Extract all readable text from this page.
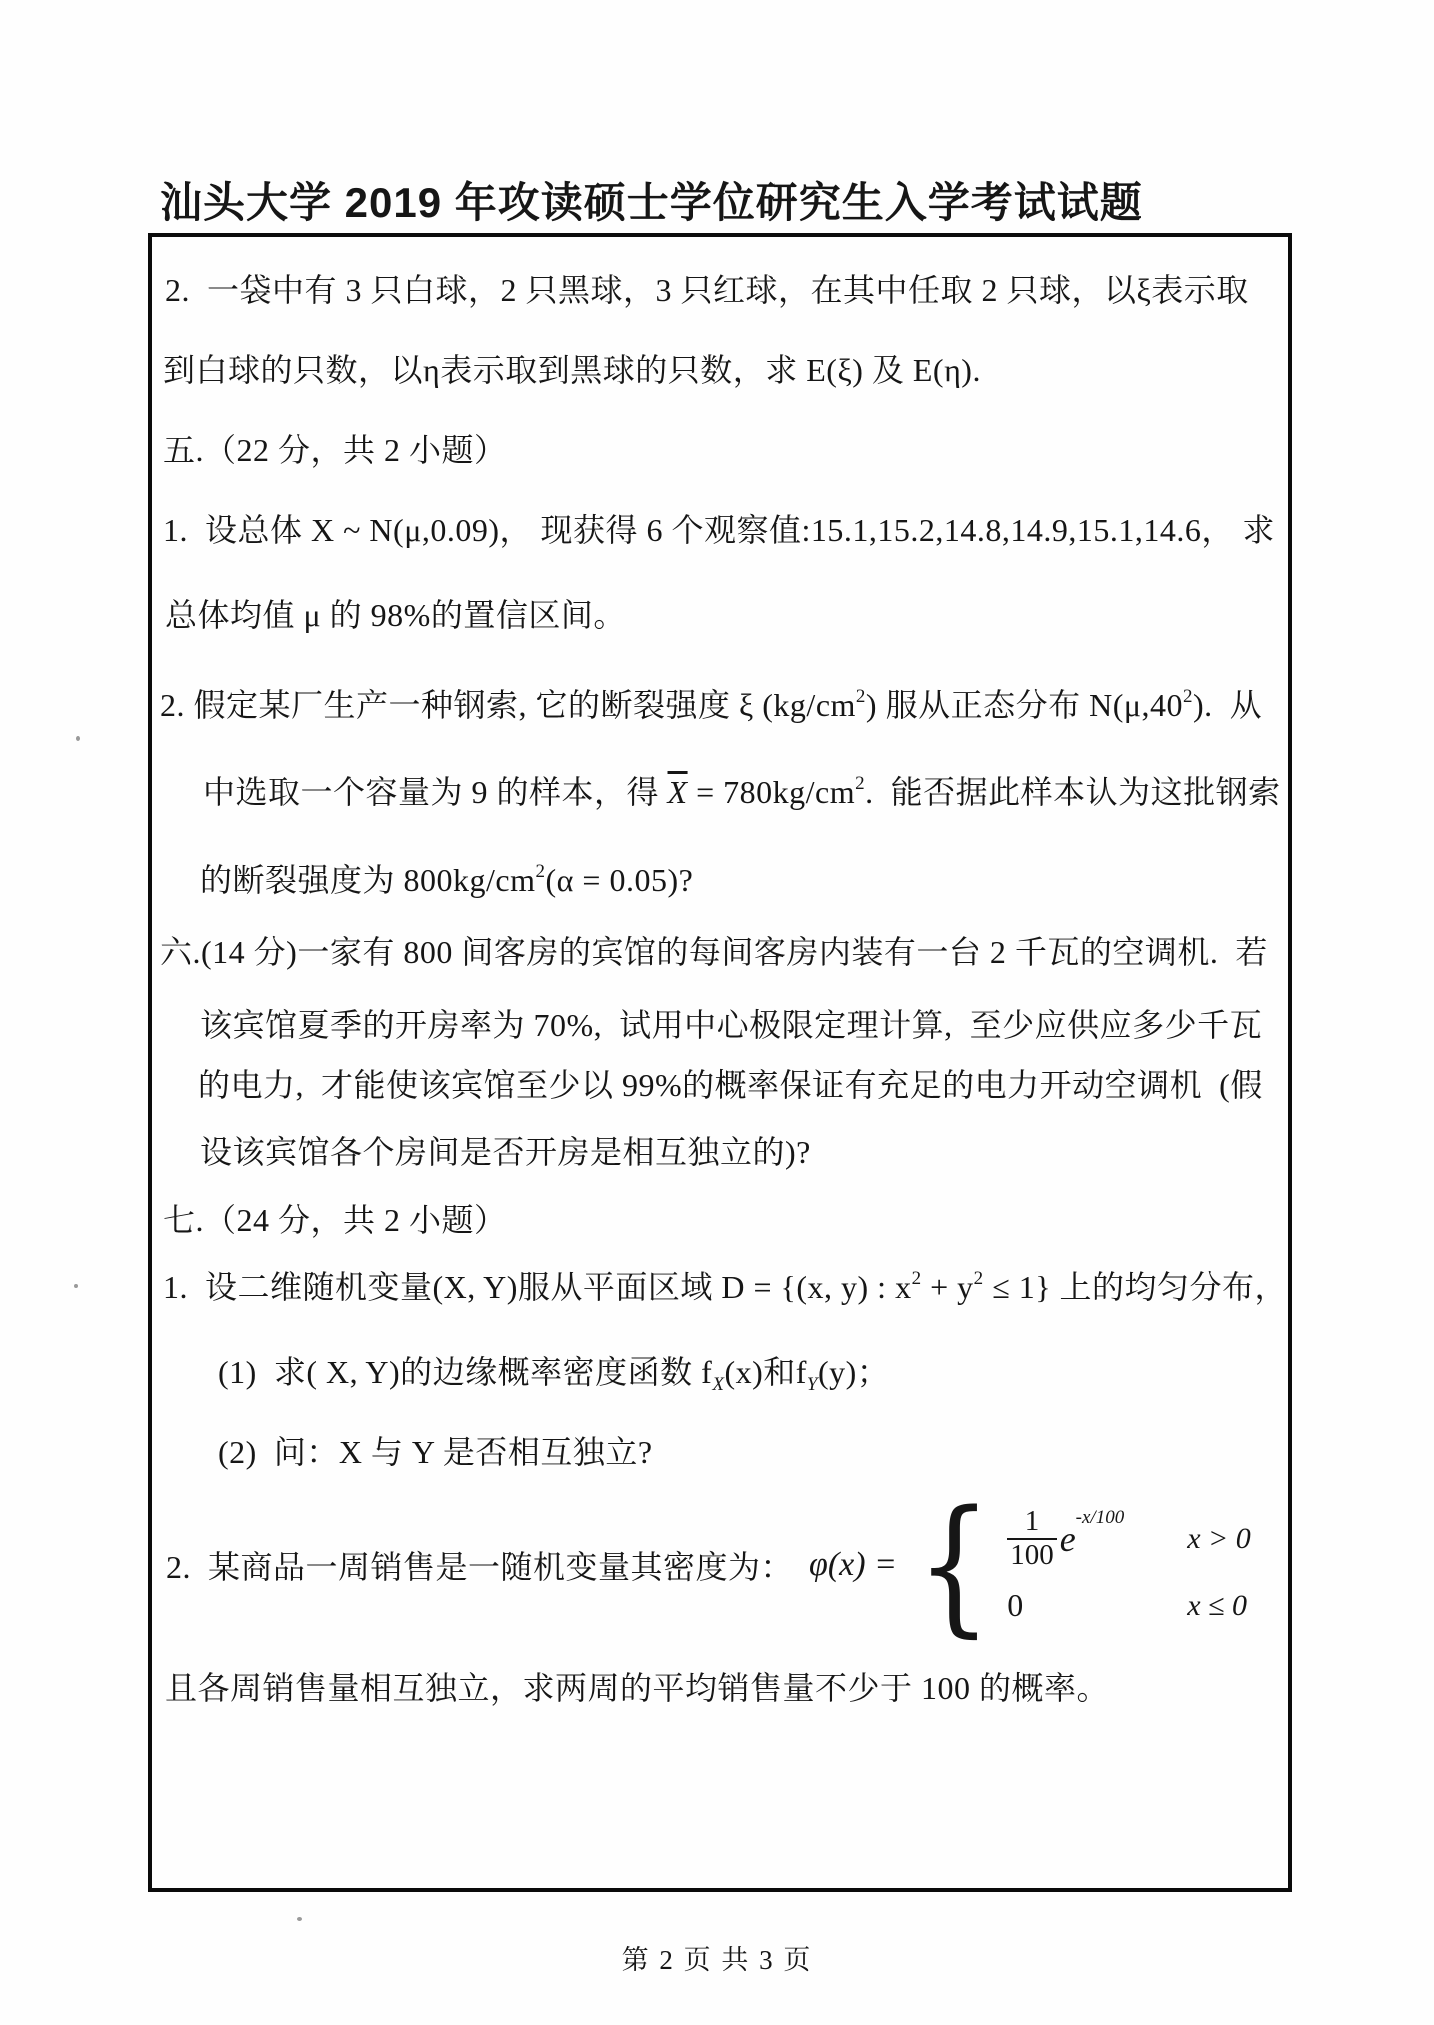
汕头大学 2019 年攻读硕士学位研究生入学考试试题
2.  一袋中有 3 只白球，2 只黑球，3 只红球，在其中任取 2 只球，以ξ表示取
到白球的只数，以η表示取到黑球的只数，求 E(ξ) 及 E(η).
五.（22 分，共 2 小题）
1.  设总体 X ~ N(μ,0.09)， 现获得 6 个观察值:15.1,15.2,14.8,14.9,15.1,14.6， 求
总体均值 μ 的 98%的置信区间。
2. 假定某厂生产一种钢索, 它的断裂强度 ξ $(kg/cm^2)$ 服从正态分布 $N(\mu,40^2)$.  从
中选取一个容量为 9 的样本，得 $\overline{X} = 780kg/cm^2$.  能否据此样本认为这批钢索
的断裂强度为 $800kg/cm^2(\alpha = 0.05)$?
六.(14 分)一家有 800 间客房的宾馆的每间客房内装有一台 2 千瓦的空调机.  若
该宾馆夏季的开房率为 70%,  试用中心极限定理计算,  至少应供应多少千瓦
的电力,  才能使该宾馆至少以 99%的概率保证有充足的电力开动空调机  (假
设该宾馆各个房间是否开房是相互独立的)?
七.（24 分，共 2 小题）
1.  设二维随机变量(X, Y)服从平面区域 D = {(x, y) : $x^2 + y^2 \le 1$} 上的均匀分布，
(1)  求( X, Y)的边缘概率密度函数 $f_X(x)$和$f_Y(y)$；
(2)  问：X 与 Y 是否相互独立?
2.  某商品一周销售是一随机变量其密度为： φ(x) = { $\frac{1}{100} e^{-x/100}$
x > 0
0	x ≤ 0
且各周销售量相互独立，求两周的平均销售量不少于 100 的概率。
第 2 页 共 3 页
